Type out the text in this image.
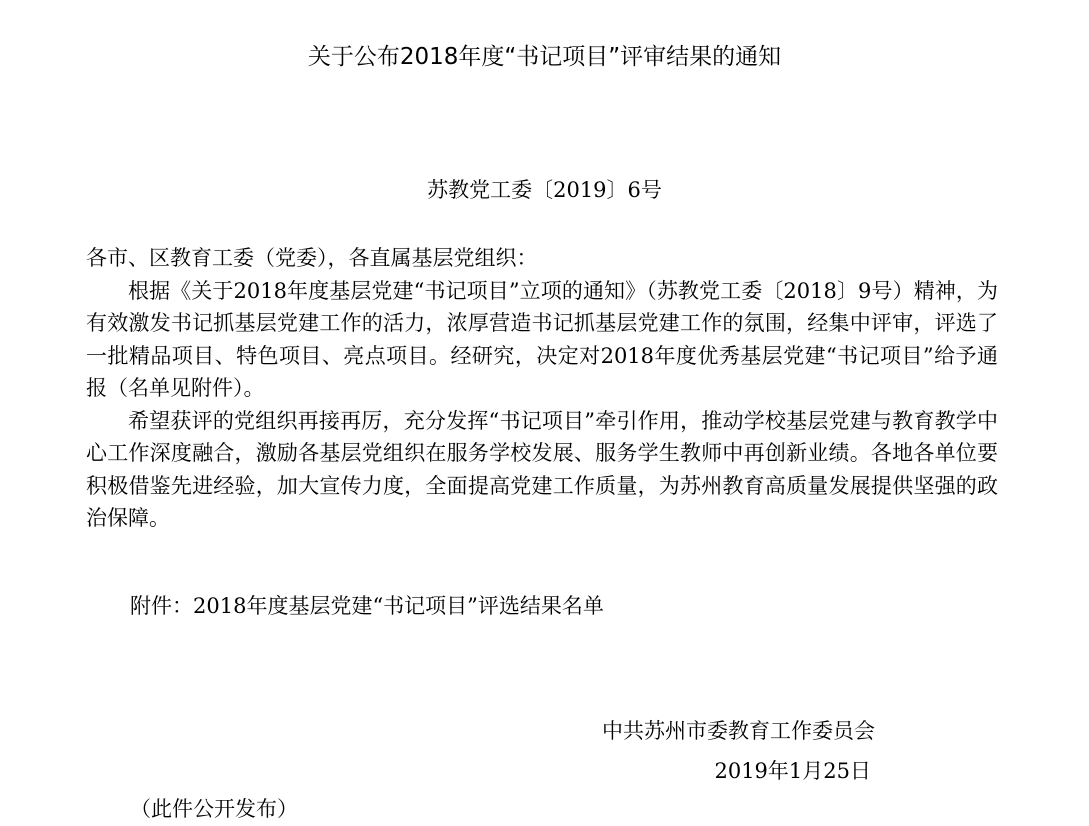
关于公布2018年度“书记项目”评审结果的通知
苏教党工委〔2019〕6号

各市、区教育工委（党委），各直属基层党组织：

根据《关于2018年度基层党建“书记项目”立项的通知》（苏教党工委〔2018〕9号）精神，为有效激发书记抓基层党建工作的活力，浓厚营造书记抓基层党建工作的氛围，经集中评审，评选了一批精品项目、特色项目、亮点项目。经研究，决定对2018年度优秀基层党建“书记项目”给予通报（名单见附件）。

希望获评的党组织再接再厉，充分发挥“书记项目”牵引作用，推动学校基层党建与教育教学中心工作深度融合，激励各基层党组织在服务学校发展、服务学生教师中再创新业绩。各地各单位要积极借鉴先进经验，加大宣传力度，全面提高党建工作质量，为苏州教育高质量发展提供坚强的政治保障。

附件：2018年度基层党建“书记项目”评选结果名单
中共苏州市委教育工作委员会
2019年1月25日
（此件公开发布）
